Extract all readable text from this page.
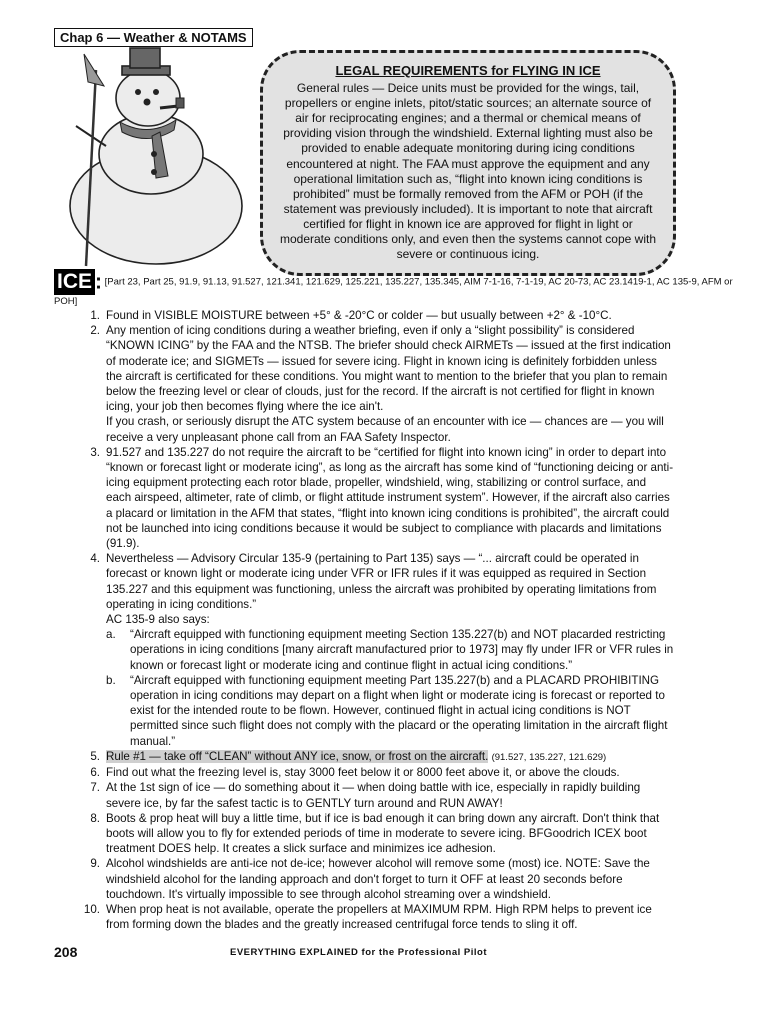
Chap 6 — Weather & NOTAMS
LEGAL REQUIREMENTS for FLYING IN ICE

General rules — Deice units must be provided for the wings, tail, propellers or engine inlets, pitot/static sources; an alternate source of air for reciprocating engines; and a thermal or chemical means of providing vision through the windshield. External lighting must also be provided to enable adequate monitoring during icing conditions encountered at night. The FAA must approve the equipment and any operational limitation such as, “flight into known icing conditions is prohibited” must be formally removed from the AFM or POH (if the statement was previously included). It is important to note that aircraft certified for flight in known ice are approved for flight in light or moderate conditions only, and even then the systems cannot cope with severe or continuous icing.

ICE : [Part 23, Part 25, 91.9, 91.13, 91.527, 121.341, 121.629, 125.221, 135.227, 135.345, AIM 7-1-16, 7-1-19, AC 20-73, AC 23.1419-1, AC 135-9, AFM or POH]
1. Found in VISIBLE MOISTURE between +5° & -20°C or colder — but usually between +2° & -10°C.
2. Any mention of icing conditions during a weather briefing, even if only a “slight possibility” is considered “KNOWN ICING” by the FAA and the NTSB. The briefer should check AIRMETs — issued at the first indication of moderate ice; and SIGMETs — issued for severe icing. Flight in known icing is definitely forbidden unless the aircraft is certificated for these conditions. You might want to mention to the briefer that you plan to remain below the freezing level or clear of clouds, just for the record. If the aircraft is not certified for flight in known icing, your job then becomes flying where the ice ain't.
If you crash, or seriously disrupt the ATC system because of an encounter with ice — chances are — you will receive a very unpleasant phone call from an FAA Safety Inspector.
3. 91.527 and 135.227 do not require the aircraft to be “certified for flight into known icing” in order to depart into “known or forecast light or moderate icing”, as long as the aircraft has some kind of “functioning deicing or anti-icing equipment protecting each rotor blade, propeller, windshield, wing, stabilizing or control surface, and each airspeed, altimeter, rate of climb, or flight attitude instrument system”. However, if the aircraft also carries a placard or limitation in the AFM that states, “flight into known icing conditions is prohibited”, the aircraft could not be launched into icing conditions because it would be subject to compliance with placards and limitations (91.9).
4. Nevertheless — Advisory Circular 135-9 (pertaining to Part 135) says — “... aircraft could be operated in forecast or known light or moderate icing under VFR or IFR rules if it was equipped as required in Section 135.227 and this equipment was functioning, unless the aircraft was prohibited by operating limitations from operating in icing conditions.”
AC 135-9 also says:
a.	“Aircraft equipped with functioning equipment meeting Section 135.227(b) and NOT placarded restricting operations in icing conditions [many aircraft manufactured prior to 1973] may fly under IFR or VFR rules in known or forecast light or moderate icing and continue flight in actual icing conditions.”
b.	“Aircraft equipped with functioning equipment meeting Part 135.227(b) and a PLACARD PROHIBITING operation in icing conditions may depart on a flight when light or moderate icing is forecast or reported to exist for the intended route to be flown. However, continued flight in actual icing conditions is NOT permitted since such flight does not comply with the placard or the operating limitation in the aircraft flight manual.”
5. Rule #1 — take off “CLEAN” without ANY ice, snow, or frost on the aircraft. (91.527, 135.227, 121.629)
6. Find out what the freezing level is, stay 3000 feet below it or 8000 feet above it, or above the clouds.
7. At the 1st sign of ice — do something about it — when doing battle with ice, especially in rapidly building severe ice, by far the safest tactic is to GENTLY turn around and RUN AWAY!
8. Boots & prop heat will buy a little time, but if ice is bad enough it can bring down any aircraft. Don't think that boots will allow you to fly for extended periods of time in moderate to severe icing. BFGoodrich ICEX boot treatment DOES help. It creates a slick surface and minimizes ice adhesion.
9. Alcohol windshields are anti-ice not de-ice; however alcohol will remove some (most) ice. NOTE: Save the windshield alcohol for the landing approach and don't forget to turn it OFF at least 20 seconds before touchdown. It's virtually impossible to see through alcohol streaming over a windshield.
10. When prop heat is not available, operate the propellers at MAXIMUM RPM. High RPM helps to prevent ice from forming down the blades and the greatly increased centrifugal force tends to sling it off.
208	EVERYTHING EXPLAINED for the Professional Pilot
